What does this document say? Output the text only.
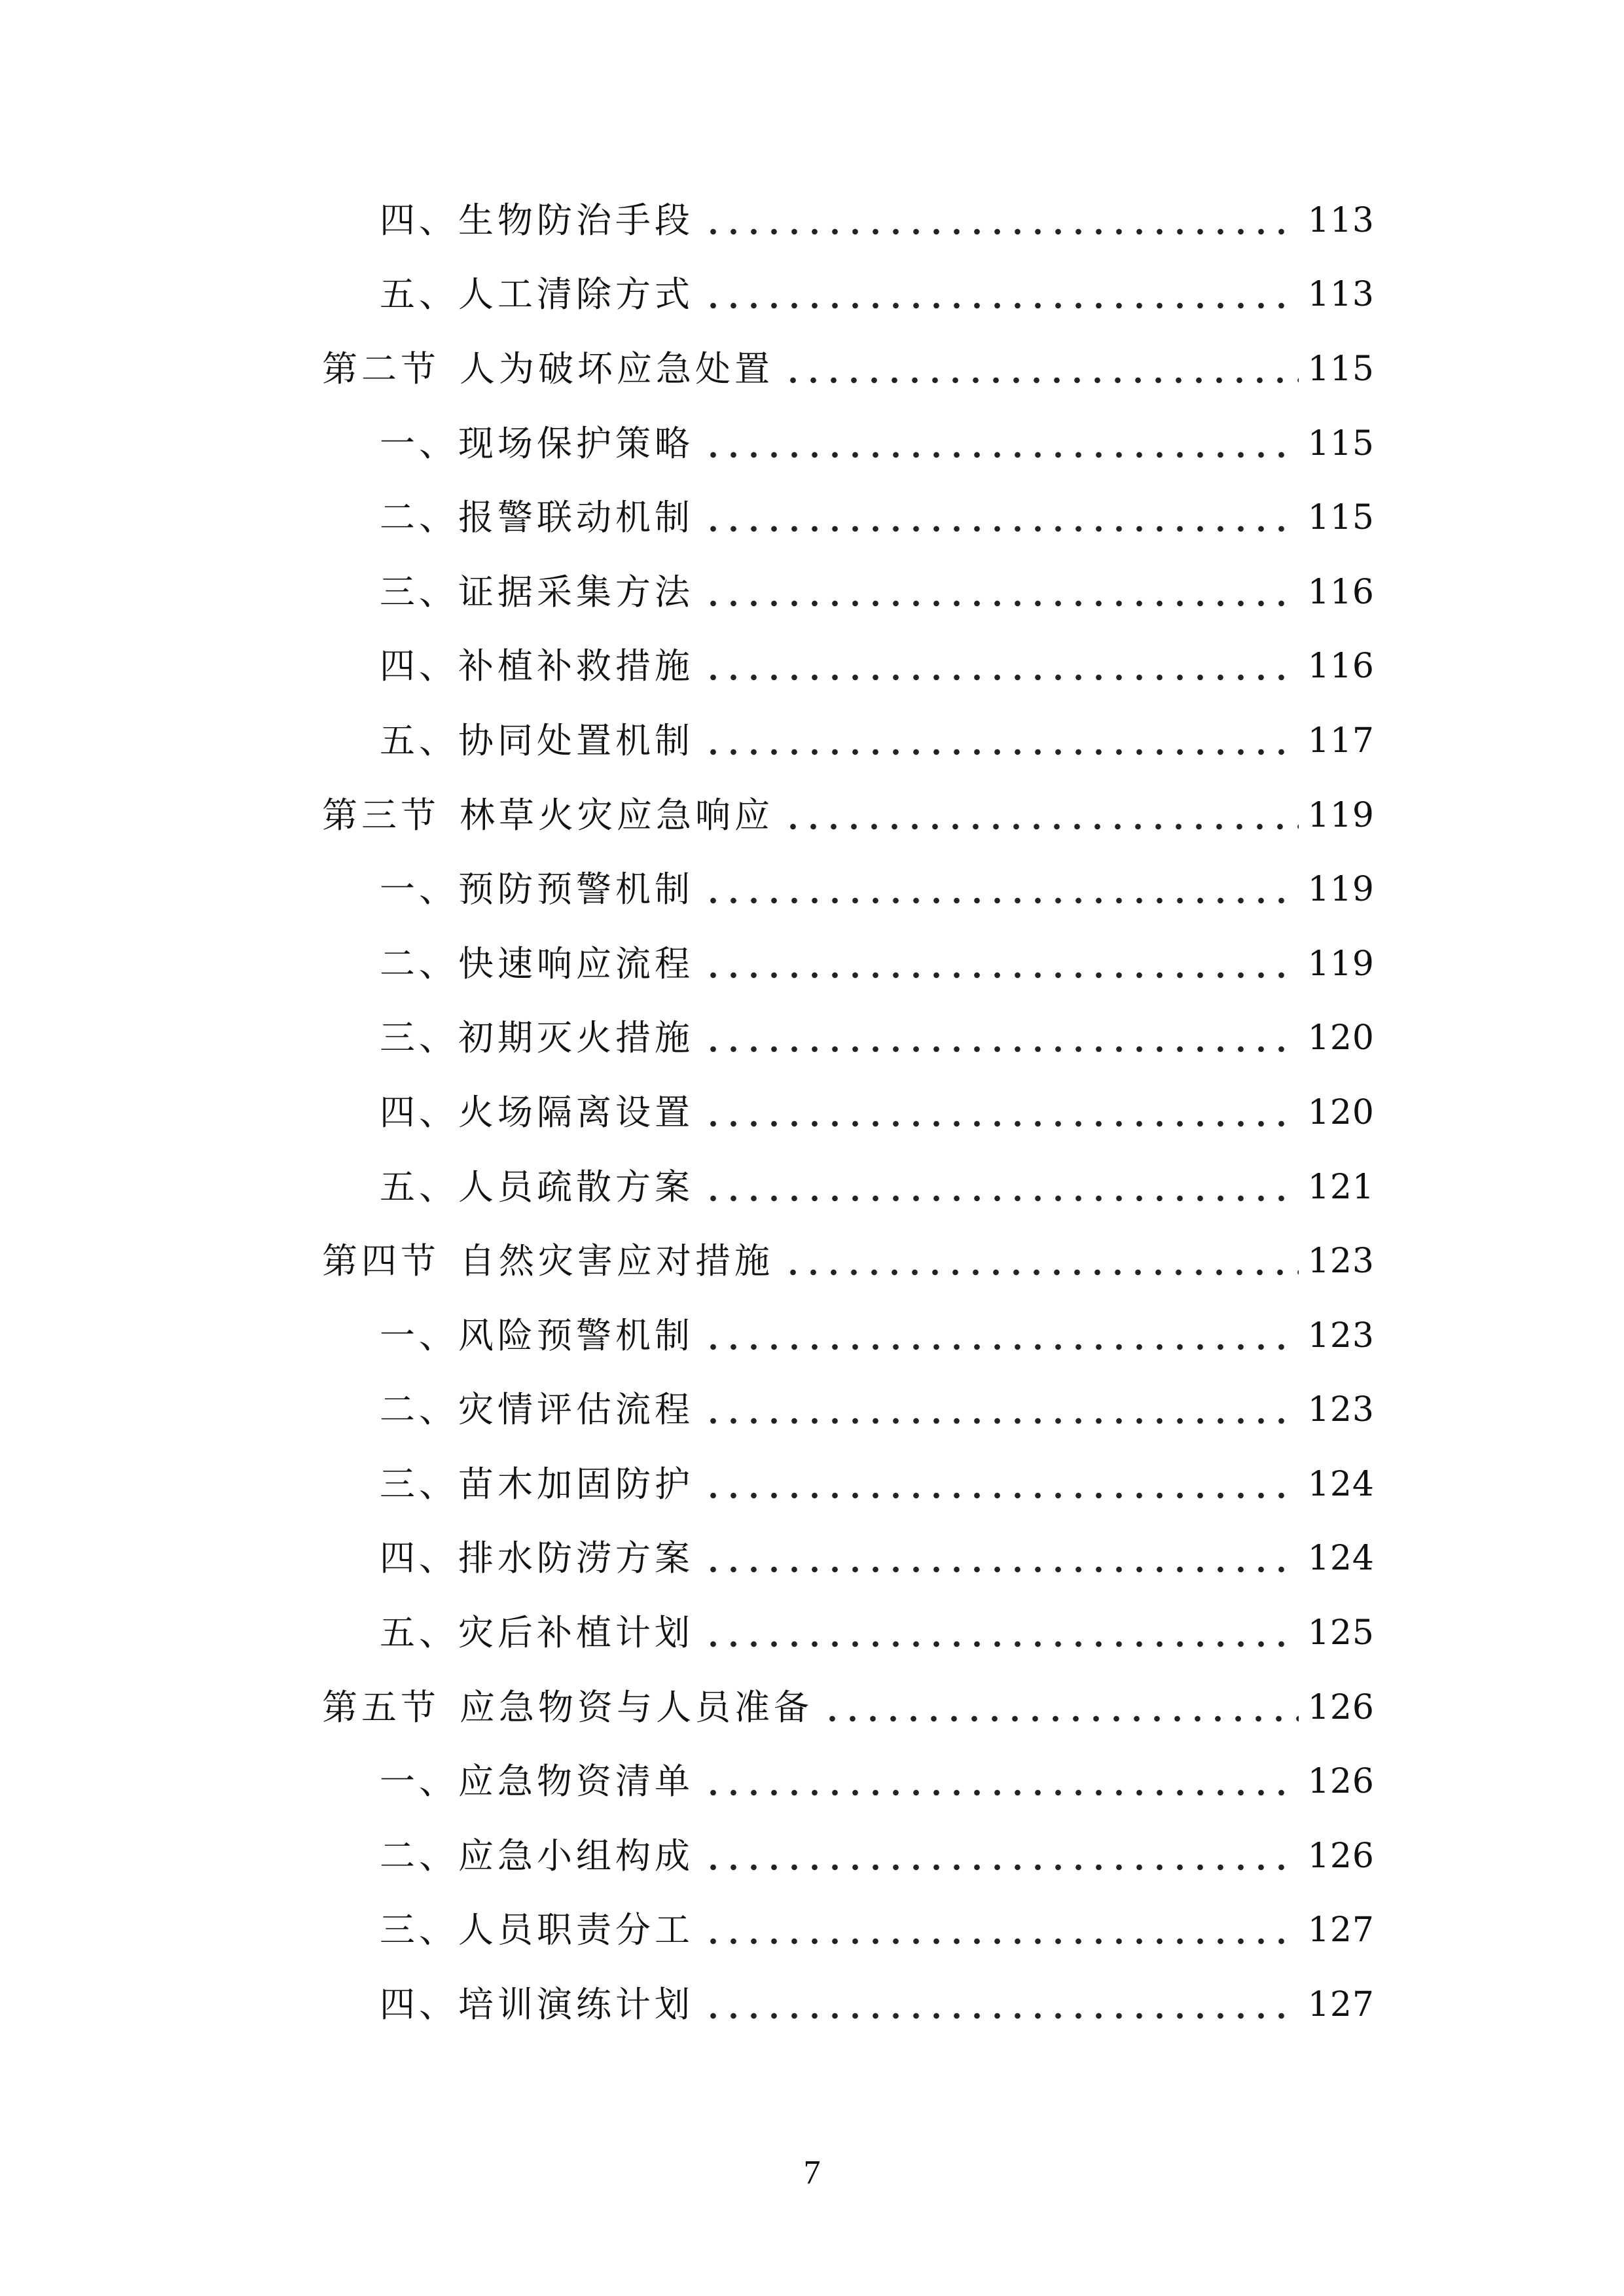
四、生物防治手段	113
五、人工清除方式	113
第二节 人为破坏应急处置	115
一、现场保护策略	115
二、报警联动机制	115
三、证据采集方法	116
四、补植补救措施	116
五、协同处置机制	117
第三节 林草火灾应急响应	119
一、预防预警机制	119
二、快速响应流程	119
三、初期灭火措施	120
四、火场隔离设置	120
五、人员疏散方案	121
第四节 自然灾害应对措施	123
一、风险预警机制	123
二、灾情评估流程	123
三、苗木加固防护	124
四、排水防涝方案	124
五、灾后补植计划	125
第五节 应急物资与人员准备	126
一、应急物资清单	126
二、应急小组构成	126
三、人员职责分工	127
四、培训演练计划	127
7
